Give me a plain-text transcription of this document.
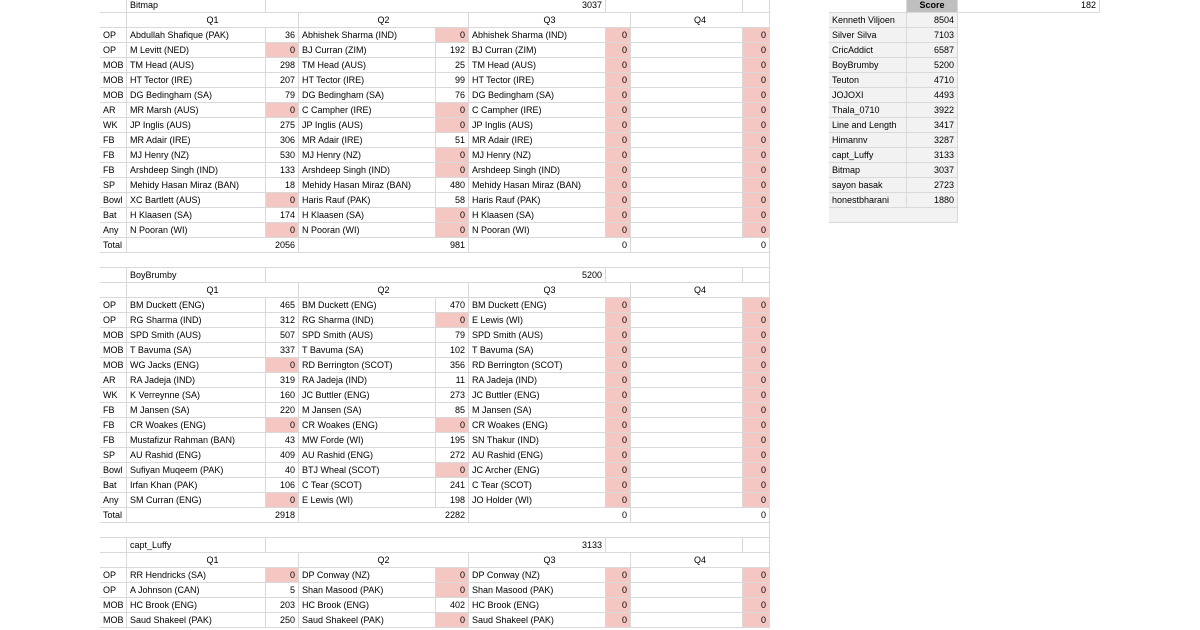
Bitmap	3037
Q1	Q2	Q3	Q4
OP	Abdullah Shafique (PAK)	36 Abhishek Sharma (IND)	0 Abhishek Sharma (IND)	0	0
OP	M Levitt (NED)	0 BJ Curran (ZIM)	192 BJ Curran (ZIM)	0	0
MOB TM Head (AUS)	298 TM Head (AUS)	25 TM Head (AUS)	0	0
MOB HT Tector (IRE)	207 HT Tector (IRE)	99 HT Tector (IRE)	0	0
MOB DG Bedingham (SA)	79 DG Bedingham (SA)	76 DG Bedingham (SA)	0	0
AR	MR Marsh (AUS)	0 C Campher (IRE)	0 C Campher (IRE)	0	0
WK	JP Inglis (AUS)	275 JP Inglis (AUS)	0 JP Inglis (AUS)	0	0
FB	MR Adair (IRE)	306 MR Adair (IRE)	51 MR Adair (IRE)	0	0
FB	MJ Henry (NZ)	530 MJ Henry (NZ)	0 MJ Henry (NZ)	0	0
FB	Arshdeep Singh (IND)	133 Arshdeep Singh (IND)	0 Arshdeep Singh (IND)	0	0
SP	Mehidy Hasan Miraz (BAN)	18 Mehidy Hasan Miraz (BAN)	480 Mehidy Hasan Miraz (BAN)	0	0
Bowl XC Bartlett (AUS)	0 Haris Rauf (PAK)	58 Haris Rauf (PAK)	0	0
Bat	H Klaasen (SA)	174 H Klaasen (SA)	0 H Klaasen (SA)	0	0
Any	N Pooran (WI)	0 N Pooran (WI)	0 N Pooran (WI)	0	0
Total	2056	981	0	0
BoyBrumby	5200
Q1	Q2	Q3	Q4
OP	BM Duckett (ENG)	465 BM Duckett (ENG)	470 BM Duckett (ENG)	0	0
OP	RG Sharma (IND)	312 RG Sharma (IND)	0 E Lewis (WI)	0	0
MOB SPD Smith (AUS)	507 SPD Smith (AUS)	79 SPD Smith (AUS)	0	0
MOB T Bavuma (SA)	337 T Bavuma (SA)	102 T Bavuma (SA)	0	0
MOB WG Jacks (ENG)	0 RD Berrington (SCOT)	356 RD Berrington (SCOT)	0	0
AR	RA Jadeja (IND)	319 RA Jadeja (IND)	11 RA Jadeja (IND)	0	0
WK	K Verreynne (SA)	160 JC Buttler (ENG)	273 JC Buttler (ENG)	0	0
FB	M Jansen (SA)	220 M Jansen (SA)	85 M Jansen (SA)	0	0
FB	CR Woakes (ENG)	0 CR Woakes (ENG)	0 CR Woakes (ENG)	0	0
FB	Mustafizur Rahman (BAN)	43 MW Forde (WI)	195 SN Thakur (IND)	0	0
SP	AU Rashid (ENG)	409 AU Rashid (ENG)	272 AU Rashid (ENG)	0	0
Bowl Sufiyan Muqeem (PAK)	40 BTJ Wheal (SCOT)	0 JC Archer (ENG)	0	0
Bat	Irfan Khan (PAK)	106 C Tear (SCOT)	241 C Tear (SCOT)	0	0
Any	SM Curran (ENG)	0 E Lewis (WI)	198 JO Holder (WI)	0	0
Total	2918	2282	0	0
capt_Luffy	3133
Q1	Q2	Q3	Q4
OP	RR Hendricks (SA)	0 DP Conway (NZ)	0 DP Conway (NZ)	0	0
OP	A Johnson (CAN)	5 Shan Masood (PAK)	0 Shan Masood (PAK)	0	0
MOB HC Brook (ENG)	203 HC Brook (ENG)	402 HC Brook (ENG)	0	0
MOB Saud Shakeel (PAK)	250 Saud Shakeel (PAK)	0 Saud Shakeel (PAK)	0	0
Score	182
Kenneth Viljoen	8504
Silver Silva	7103
CricAddict	6587
BoyBrumby	5200
Teuton	4710
JOJOXI	4493
Thala_0710	3922
Line and Length	3417
Himannv	3287
capt_Luffy	3133
Bitmap	3037
sayon basak	2723
honestbharani	1880
